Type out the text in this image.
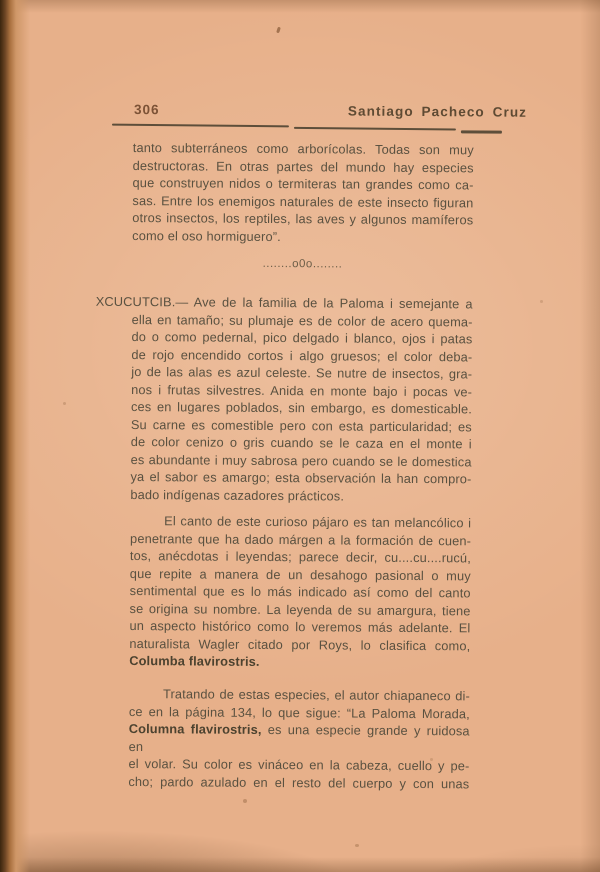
306	Santiago Pacheco Cruz
tanto subterráneos como arborícolas. Todas son muy
destructoras. En otras partes del mundo hay especies
que construyen nidos o termiteras tan grandes como ca-
sas. Entre los enemigos naturales de este insecto figuran
otros insectos, los reptiles, las aves y algunos mamíferos
como el oso hormiguero”.
........o0o........
XCUCUTCIB.— Ave de la familia de la Paloma i semejante a
ella en tamaño; su plumaje es de color de acero quema-
do o como pedernal, pico delgado i blanco, ojos i patas
de rojo encendido cortos i algo gruesos; el color deba-
jo de las alas es azul celeste. Se nutre de insectos, gra-
nos i frutas silvestres. Anida en monte bajo i pocas ve-
ces en lugares poblados, sin embargo, es domesticable.
Su carne es comestible pero con esta particularidad; es
de color cenizo o gris cuando se le caza en el monte i
es abundante i muy sabrosa pero cuando se le domestica
ya el sabor es amargo; esta observación la han compro-
bado indígenas cazadores prácticos.
El canto de este curioso pájaro es tan melancólico i
penetrante que ha dado márgen a la formación de cuen-
tos, anécdotas i leyendas; parece decir, cu....cu....rucú,
que repite a manera de un desahogo pasional o muy
sentimental que es lo más indicado así como del canto
se origina su nombre. La leyenda de su amargura, tiene
un aspecto histórico como lo veremos más adelante. El
naturalista Wagler citado por Roys, lo clasifica como,
Columba flavirostris.
Tratando de estas especies, el autor chiapaneco di-
ce en la página 134, lo que sigue: “La Paloma Morada,
Columna flavirostris, es una especie grande y ruidosa en
el volar. Su color es vináceo en la cabeza, cuello y pe-
cho; pardo azulado en el resto del cuerpo y con unas
